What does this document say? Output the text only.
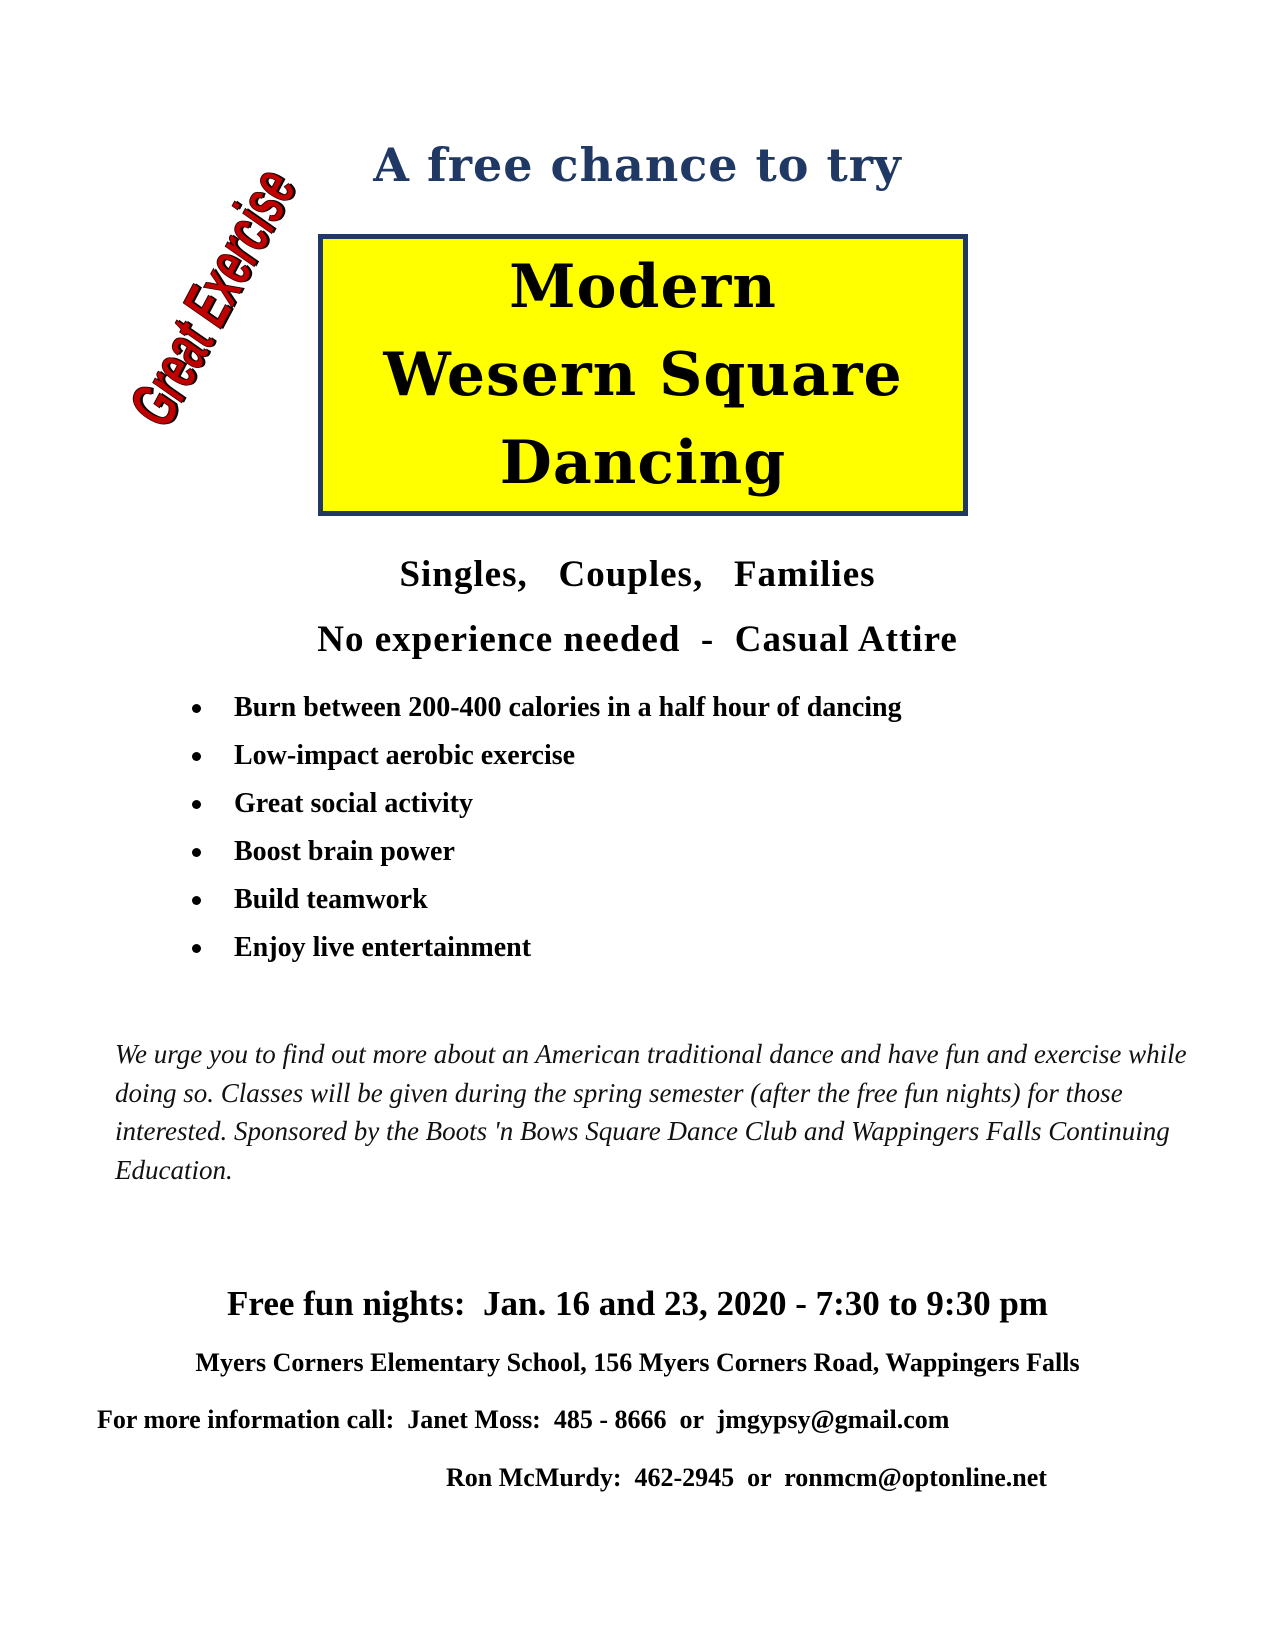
A free chance to try
Great Exercise	Modern
Wesern Square
Dancing
Singles,   Couples,   Families
No experience needed  -  Casual Attire
Burn between 200-400 calories in a half hour of dancing
Low-impact aerobic exercise
Great social activity
Boost brain power
Build teamwork
Enjoy live entertainment
We urge you to find out more about an American traditional dance and have fun and exercise while doing so. Classes will be given during the spring semester (after the free fun nights) for those interested. Sponsored by the Boots 'n Bows Square Dance Club and Wappingers Falls Continuing Education.
Free fun nights:  Jan. 16 and 23, 2020 - 7:30 to 9:30 pm
Myers Corners Elementary School, 156 Myers Corners Road, Wappingers Falls
For more information call:  Janet Moss:  485 - 8666  or  jmgypsy@gmail.com
Ron McMurdy:  462-2945  or  ronmcm@optonline.net
